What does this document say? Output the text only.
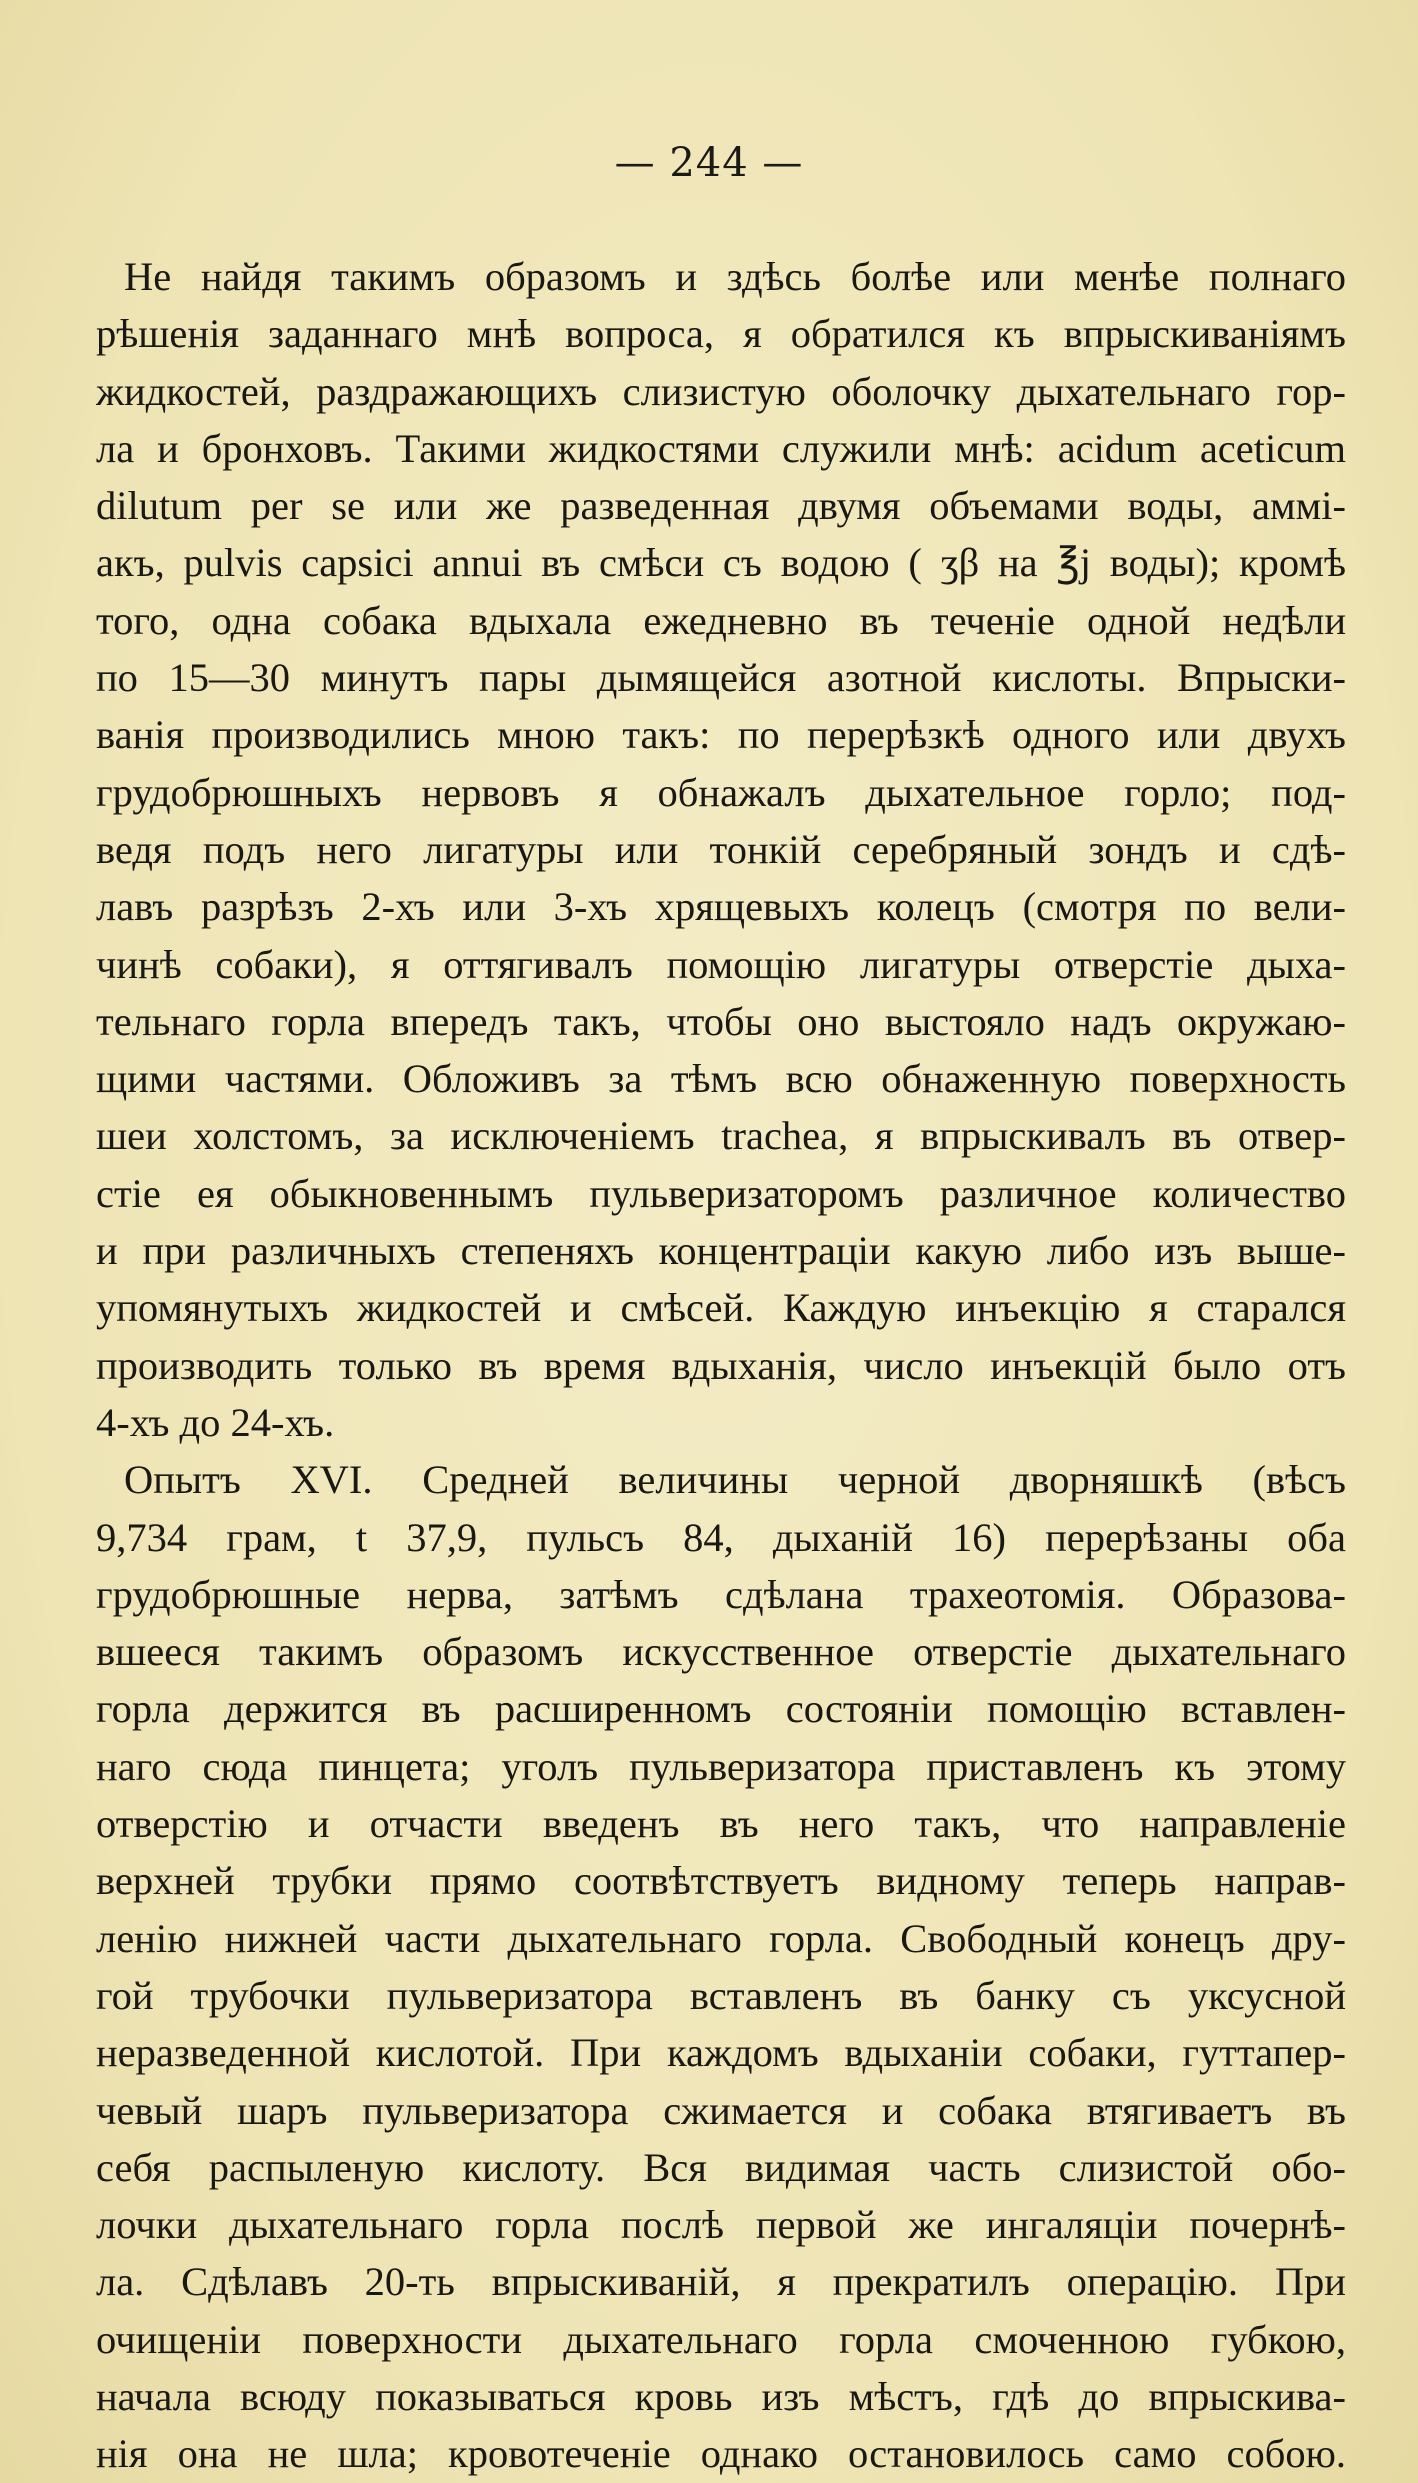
— 244 —
Не найдя такимъ образомъ и здѣсь болѣе или менѣе полнаго
рѣшенія заданнаго мнѣ вопроса, я обратился къ впрыскиваніямъ
жидкостей, раздражающихъ слизистую оболочку дыхательнаго гор-
ла и бронховъ. Такими жидкостями служили мнѣ: acidum aceticum
dilutum per se или же разведенная двумя объемами воды, аммі-
акъ, pulvis capsici annui въ смѣси съ водою ( ʒβ на ℥j воды); кромѣ
того, одна собака вдыхала ежедневно въ теченіе одной недѣли
по 15—30 минутъ пары дымящейся азотной кислоты. Впрыски-
ванія производились мною такъ: по перерѣзкѣ одного или двухъ
грудобрюшныхъ нервовъ я обнажалъ дыхательное горло; под-
ведя подъ него лигатуры или тонкій серебряный зондъ и сдѣ-
лавъ разрѣзъ 2-хъ или 3-хъ хрящевыхъ колецъ (смотря по вели-
чинѣ собаки), я оттягивалъ помощію лигатуры отверстіе дыха-
тельнаго горла впередъ такъ, чтобы оно выстояло надъ окружаю-
щими частями. Обложивъ за тѣмъ всю обнаженную поверхность
шеи холстомъ, за исключеніемъ tracheа, я впрыскивалъ въ отвер-
стіе ея обыкновеннымъ пульверизаторомъ различное количество
и при различныхъ степеняхъ концентраціи какую либо изъ выше-
упомянутыхъ жидкостей и смѣсей. Каждую инъекцію я старался
производить только въ время вдыханія, число инъекцій было отъ
4-хъ до 24-хъ.
Опытъ XVI. Средней величины черной дворняшкѣ (вѣсъ
9,734 грам, t 37,9, пульсъ 84, дыханій 16) перерѣзаны оба
грудобрюшные нерва, затѣмъ сдѣлана трахеотомія. Образова-
вшееся такимъ образомъ искусственное отверстіе дыхательнаго
горла держится въ расширенномъ состояніи помощію вставлен-
наго сюда пинцета; уголъ пульверизатора приставленъ къ этому
отверстію и отчасти введенъ въ него такъ, что направленіе
верхней трубки прямо соотвѣтствуетъ видному теперь направ-
ленію нижней части дыхательнаго горла. Свободный конецъ дру-
гой трубочки пульверизатора вставленъ въ банку съ уксусной
неразведенной кислотой. При каждомъ вдыханіи собаки, гуттапер-
чевый шаръ пульверизатора сжимается и собака втягиваетъ въ
себя распыленую кислоту. Вся видимая часть слизистой обо-
лочки дыхательнаго горла послѣ первой же ингаляціи почернѣ-
ла. Сдѣлавъ 20-ть впрыскиваній, я прекратилъ операцію. При
очищеніи поверхности дыхательнаго горла смоченною губкою,
начала всюду показываться кровь изъ мѣстъ, гдѣ до впрыскива-
нія она не шла; кровотеченіе однако остановилось само собою.
